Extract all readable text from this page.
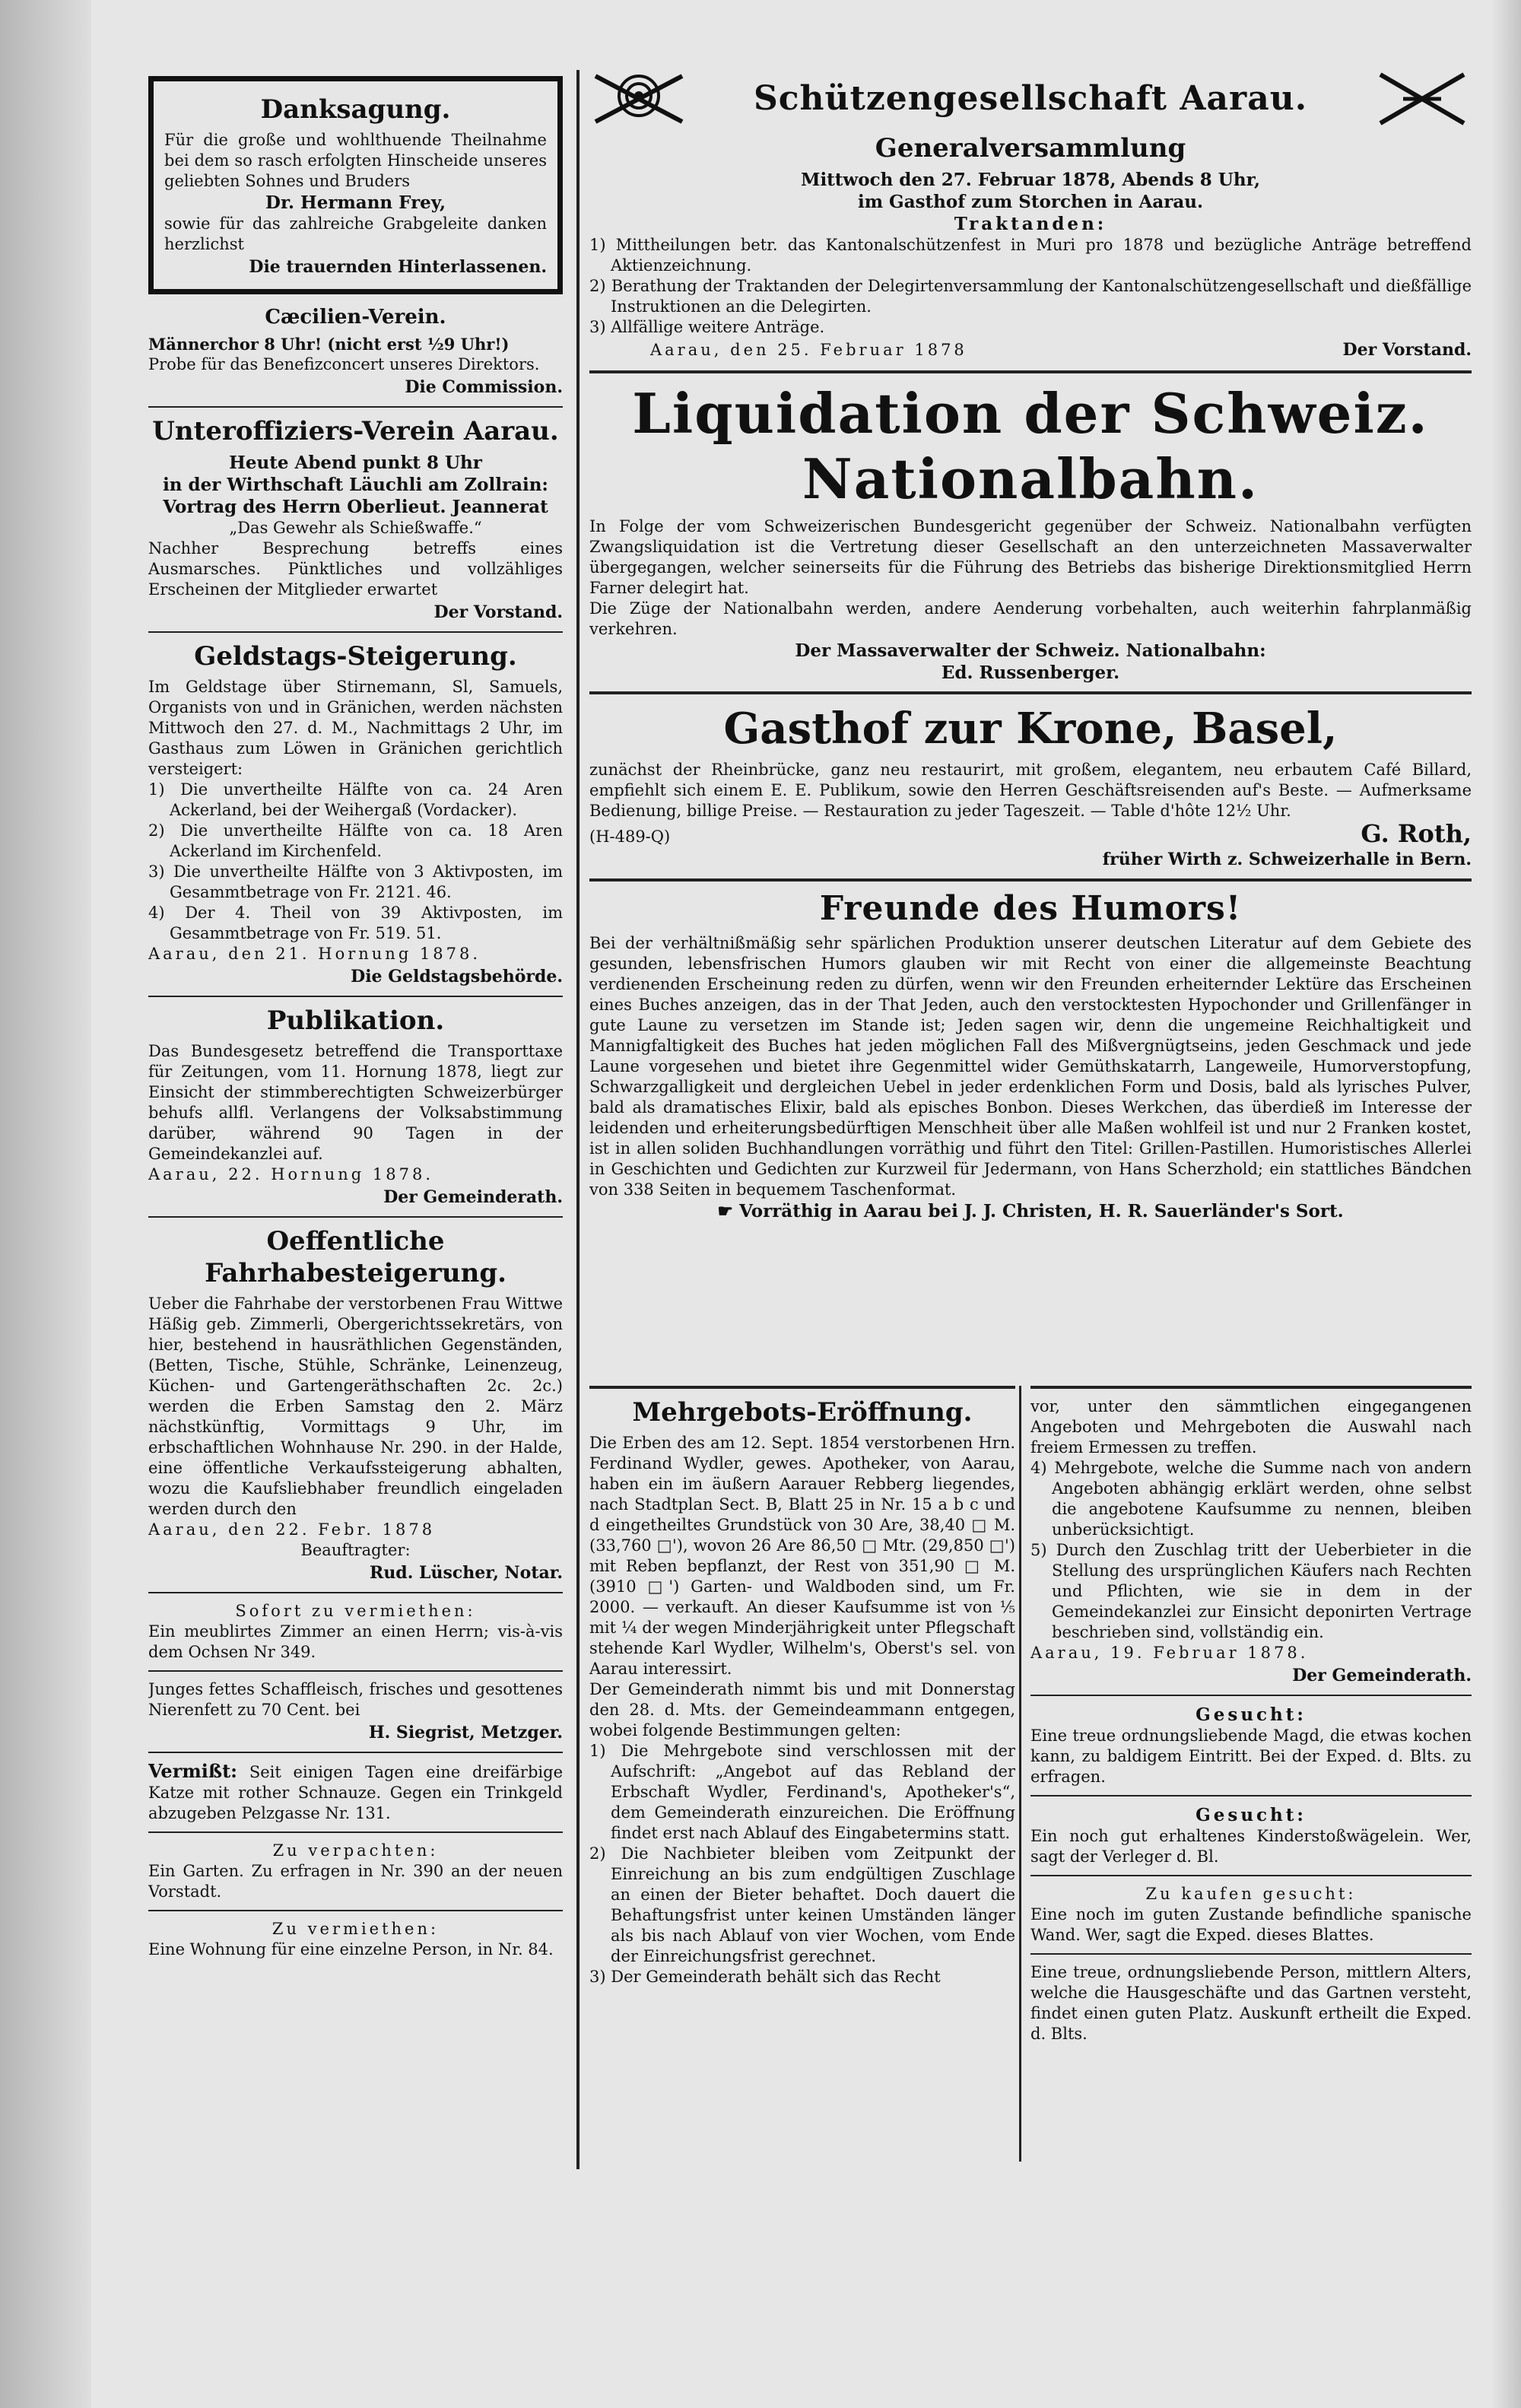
Danksagung.

Für die große und wohlthuende Theilnahme bei dem so rasch erfolgten Hinscheide unseres geliebten Sohnes und Bruders

Dr. Hermann Frey,

sowie für das zahlreiche Grabgeleite danken herzlichst

Die trauernden Hinterlassenen.
Cæcilien-Verein.

Männerchor 8 Uhr! (nicht erst ½9 Uhr!)

Probe für das Benefizconcert unseres Direktors.

Die Commission.
Unteroffiziers-Verein Aarau.

Heute Abend punkt 8 Uhr

in der Wirthschaft Läuchli am Zollrain:

Vortrag des Herrn Oberlieut. Jeannerat

„Das Gewehr als Schießwaffe.“

Nachher Besprechung betreffs eines Ausmarsches. Pünktliches und vollzähliges Erscheinen der Mitglieder erwartet

Der Vorstand.
Geldstags-Steigerung.

Im Geldstage über Stirnemann, Sl, Samuels, Organists von und in Gränichen, werden nächsten Mittwoch den 27. d. M., Nachmittags 2 Uhr, im Gasthaus zum Löwen in Gränichen gerichtlich versteigert:

1) Die unvertheilte Hälfte von ca. 24 Aren Ackerland, bei der Weihergaß (Vordacker).
2) Die unvertheilte Hälfte von ca. 18 Aren Ackerland im Kirchenfeld.
3) Die unvertheilte Hälfte von 3 Aktivposten, im Gesammtbetrage von Fr. 2121. 46.
4) Der 4. Theil von 39 Aktivposten, im Gesammtbetrage von Fr. 519. 51.

Aarau, den 21. Hornung 1878.

Die Geldstagsbehörde.
Publikation.

Das Bundesgesetz betreffend die Transporttaxe für Zeitungen, vom 11. Hornung 1878, liegt zur Einsicht der stimmberechtigten Schweizerbürger behufs allfl. Verlangens der Volksabstimmung darüber, während 90 Tagen in der Gemeindekanzlei auf.

Aarau, 22. Hornung 1878.

Der Gemeinderath.
Oeffentliche Fahrhabesteigerung.

Ueber die Fahrhabe der verstorbenen Frau Wittwe Häßig geb. Zimmerli, Obergerichtssekretärs, von hier, bestehend in hausräthlichen Gegenständen, (Betten, Tische, Stühle, Schränke, Leinenzeug, Küchen- und Gartengeräthschaften 2c. 2c.) werden die Erben Samstag den 2. März nächstkünftig, Vormittags 9 Uhr, im erbschaftlichen Wohnhause Nr. 290. in der Halde, eine öffentliche Verkaufssteigerung abhalten, wozu die Kaufsliebhaber freundlich eingeladen werden durch den

Aarau, den 22. Febr. 1878

Beauftragter:

Rud. Lüscher, Notar.

Sofort zu vermiethen:

Ein meublirtes Zimmer an einen Herrn; vis-à-vis dem Ochsen Nr 349.

Junges fettes Schaffleisch, frisches und gesottenes Nierenfett zu 70 Cent. bei

H. Siegrist, Metzger.

Vermißt: Seit einigen Tagen eine dreifärbige Katze mit rother Schnauze. Gegen ein Trinkgeld abzugeben Pelzgasse Nr. 131.

Zu verpachten:

Ein Garten. Zu erfragen in Nr. 390 an der neuen Vorstadt.

Zu vermiethen:

Eine Wohnung für eine einzelne Person, in Nr. 84.

Schützengesellschaft Aarau.
Generalversammlung

Mittwoch den 27. Februar 1878, Abends 8 Uhr,

im Gasthof zum Storchen in Aarau.

Traktanden:

1) Mittheilungen betr. das Kantonalschützenfest in Muri pro 1878 und bezügliche Anträge betreffend Aktienzeichnung.
2) Berathung der Traktanden der Delegirtenversammlung der Kantonalschützengesellschaft und dießfällige Instruktionen an die Delegirten.
3) Allfällige weitere Anträge.
Aarau, den 25. Februar 1878	Der Vorstand.
Liquidation der Schweiz. Nationalbahn.

In Folge der vom Schweizerischen Bundesgericht gegenüber der Schweiz. Nationalbahn verfügten Zwangsliquidation ist die Vertretung dieser Gesellschaft an den unterzeichneten Massaverwalter übergegangen, welcher seinerseits für die Führung des Betriebs das bisherige Direktionsmitglied Herrn Farner delegirt hat.

Die Züge der Nationalbahn werden, andere Aenderung vorbehalten, auch weiterhin fahrplanmäßig verkehren.

Der Massaverwalter der Schweiz. Nationalbahn:

Ed. Russenberger.

Gasthof zur Krone, Basel,

zunächst der Rheinbrücke, ganz neu restaurirt, mit großem, elegantem, neu erbautem Café Billard, empfiehlt sich einem E. E. Publikum, sowie den Herren Geschäftsreisenden auf's Beste. — Aufmerksame Bedienung, billige Preise. — Restauration zu jeder Tageszeit. — Table d'hôte 12½ Uhr.

(H-489-Q)	G. Roth,
früher Wirth z. Schweizerhalle in Bern.
Freunde des Humors!

Bei der verhältnißmäßig sehr spärlichen Produktion unserer deutschen Literatur auf dem Gebiete des gesunden, lebensfrischen Humors glauben wir mit Recht von einer die allgemeinste Beachtung verdienenden Erscheinung reden zu dürfen, wenn wir den Freunden erheiternder Lektüre das Erscheinen eines Buches anzeigen, das in der That Jeden, auch den verstocktesten Hypochonder und Grillenfänger in gute Laune zu versetzen im Stande ist; Jeden sagen wir, denn die ungemeine Reichhaltigkeit und Mannigfaltigkeit des Buches hat jeden möglichen Fall des Mißvergnügtseins, jeden Geschmack und jede Laune vorgesehen und bietet ihre Gegenmittel wider Gemüthskatarrh, Langeweile, Humorverstopfung, Schwarzgalligkeit und dergleichen Uebel in jeder erdenklichen Form und Dosis, bald als lyrisches Pulver, bald als dramatisches Elixir, bald als episches Bonbon. Dieses Werkchen, das überdieß im Interesse der leidenden und erheiterungsbedürftigen Menschheit über alle Maßen wohlfeil ist und nur 2 Franken kostet, ist in allen soliden Buchhandlungen vorräthig und führt den Titel: Grillen-Pastillen. Humoristisches Allerlei in Geschichten und Gedichten zur Kurzweil für Jedermann, von Hans Scherzhold; ein stattliches Bändchen von 338 Seiten in bequemem Taschenformat.

☛ Vorräthig in Aarau bei J. J. Christen, H. R. Sauerländer's Sort.

Mehrgebots-Eröffnung.

Die Erben des am 12. Sept. 1854 verstorbenen Hrn. Ferdinand Wydler, gewes. Apotheker, von Aarau, haben ein im äußern Aarauer Rebberg liegendes, nach Stadtplan Sect. B, Blatt 25 in Nr. 15 a b c und d eingetheiltes Grundstück von 30 Are, 38,40 □ M. (33,760 □'), wovon 26 Are 86,50 □ Mtr. (29,850 □') mit Reben bepflanzt, der Rest von 351,90 □ M. (3910 □') Garten- und Waldboden sind, um Fr. 2000. — verkauft. An dieser Kaufsumme ist von ⅕ mit ¼ der wegen Minderjährigkeit unter Pflegschaft stehende Karl Wydler, Wilhelm's, Oberst's sel. von Aarau interessirt.

Der Gemeinderath nimmt bis und mit Donnerstag den 28. d. Mts. der Gemeindeammann entgegen, wobei folgende Bestimmungen gelten:

1) Die Mehrgebote sind verschlossen mit der Aufschrift: „Angebot auf das Rebland der Erbschaft Wydler, Ferdinand's, Apotheker's“, dem Gemeinderath einzureichen. Die Eröffnung findet erst nach Ablauf des Eingabetermins statt.
2) Die Nachbieter bleiben vom Zeitpunkt der Einreichung an bis zum endgültigen Zuschlage an einen der Bieter behaftet. Doch dauert die Behaftungsfrist unter keinen Umständen länger als bis nach Ablauf von vier Wochen, vom Ende der Einreichungsfrist gerechnet.
3) Der Gemeinderath behält sich das Recht

vor, unter den sämmtlichen eingegangenen Angeboten und Mehrgeboten die Auswahl nach freiem Ermessen zu treffen.

4) Mehrgebote, welche die Summe nach von andern Angeboten abhängig erklärt werden, ohne selbst die angebotene Kaufsumme zu nennen, bleiben unberücksichtigt.
5) Durch den Zuschlag tritt der Ueberbieter in die Stellung des ursprünglichen Käufers nach Rechten und Pflichten, wie sie in dem in der Gemeindekanzlei zur Einsicht deponirten Vertrage beschrieben sind, vollständig ein.

Aarau, 19. Februar 1878.

Der Gemeinderath.

Gesucht:

Eine treue ordnungsliebende Magd, die etwas kochen kann, zu baldigem Eintritt. Bei der Exped. d. Blts. zu erfragen.

Gesucht:

Ein noch gut erhaltenes Kinderstoßwägelein. Wer, sagt der Verleger d. Bl.

Zu kaufen gesucht:

Eine noch im guten Zustande befindliche spanische Wand. Wer, sagt die Exped. dieses Blattes.

Eine treue, ordnungsliebende Person, mittlern Alters, welche die Hausgeschäfte und das Gartnen versteht, findet einen guten Platz. Auskunft ertheilt die Exped. d. Blts.
